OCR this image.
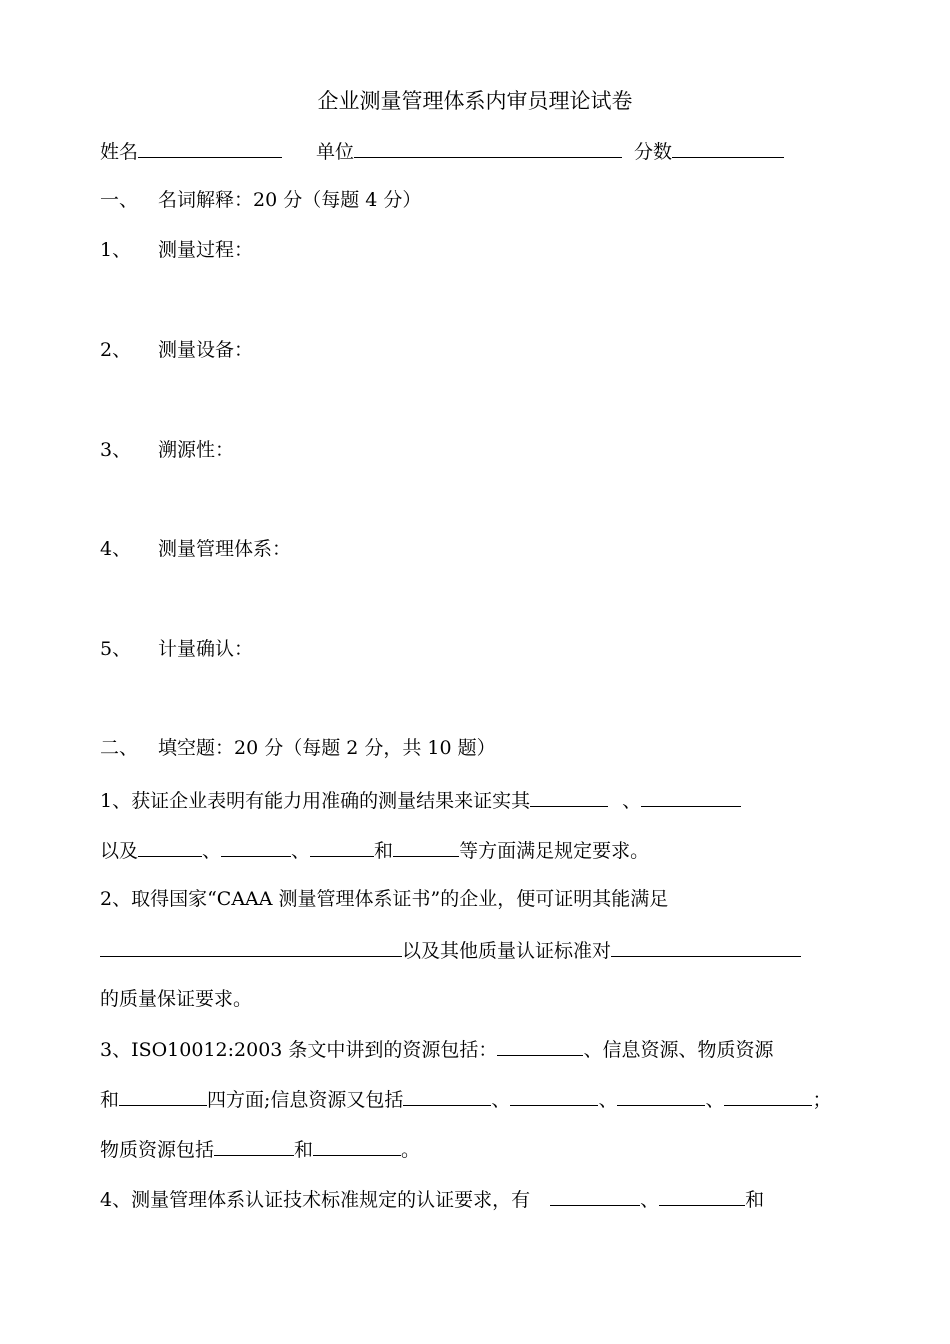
企业测量管理体系内审员理论试卷
姓名	单位	分数
一、 名词解释：20 分（每题 4 分）
1、 测量过程：
2、 测量设备：
3、 溯源性：
4、 测量管理体系：
5、 计量确认：
二、 填空题：20 分（每题 2 分，共 10 题）
1、获证企业表明有能力用准确的测量结果来证实其	、
以及	、	、	和	等方面满足规定要求。
2、取得国家“CAAA 测量管理体系证书”的企业，便可证明其能满足
以及其他质量认证标准对
的质量保证要求。
3、ISO10012:2003 条文中讲到的资源包括：	、信息资源、物质资源
和	四方面;信息资源又包括	、	、	、	；
物质资源包括	和	。
4、测量管理体系认证技术标准规定的认证要求，有	、	和
